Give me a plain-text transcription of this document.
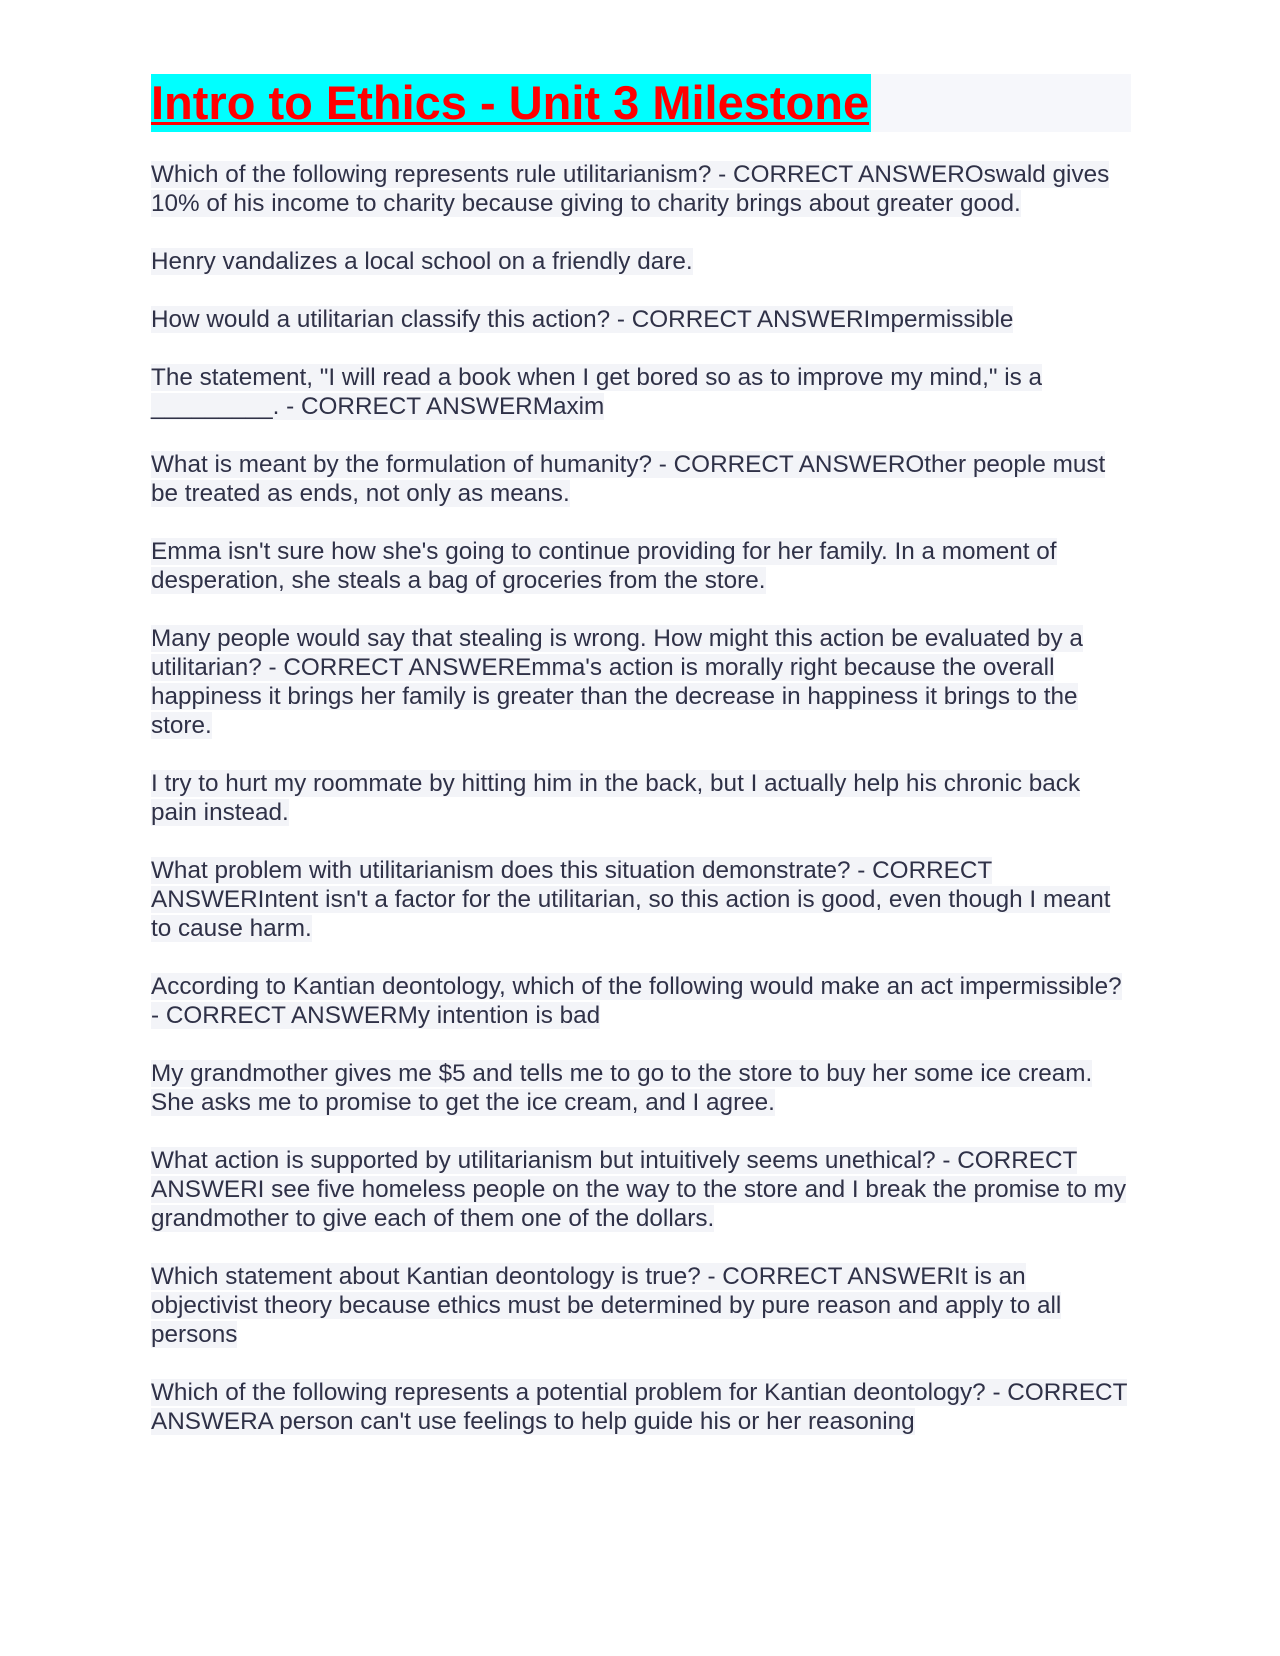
Intro to Ethics - Unit 3 Milestone

Which of the following represents rule utilitarianism? - CORRECT ANSWEROswald gives 10% of his income to charity because giving to charity brings about greater good.

Henry vandalizes a local school on a friendly dare.

How would a utilitarian classify this action? - CORRECT ANSWERImpermissible

The statement, "I will read a book when I get bored so as to improve my mind," is a _________. - CORRECT ANSWERMaxim

What is meant by the formulation of humanity? - CORRECT ANSWEROther people must be treated as ends, not only as means.

Emma isn't sure how she's going to continue providing for her family. In a moment of desperation, she steals a bag of groceries from the store.

Many people would say that stealing is wrong. How might this action be evaluated by a utilitarian? - CORRECT ANSWEREmma's action is morally right because the overall happiness it brings her family is greater than the decrease in happiness it brings to the store.

I try to hurt my roommate by hitting him in the back, but I actually help his chronic back pain instead.

What problem with utilitarianism does this situation demonstrate? - CORRECT ANSWERIntent isn't a factor for the utilitarian, so this action is good, even though I meant to cause harm.

According to Kantian deontology, which of the following would make an act impermissible? - CORRECT ANSWERMy intention is bad

My grandmother gives me $5 and tells me to go to the store to buy her some ice cream. She asks me to promise to get the ice cream, and I agree.

What action is supported by utilitarianism but intuitively seems unethical? - CORRECT ANSWERI see five homeless people on the way to the store and I break the promise to my grandmother to give each of them one of the dollars.

Which statement about Kantian deontology is true? - CORRECT ANSWERIt is an objectivist theory because ethics must be determined by pure reason and apply to all persons

Which of the following represents a potential problem for Kantian deontology? - CORRECT ANSWERA person can't use feelings to help guide his or her reasoning
